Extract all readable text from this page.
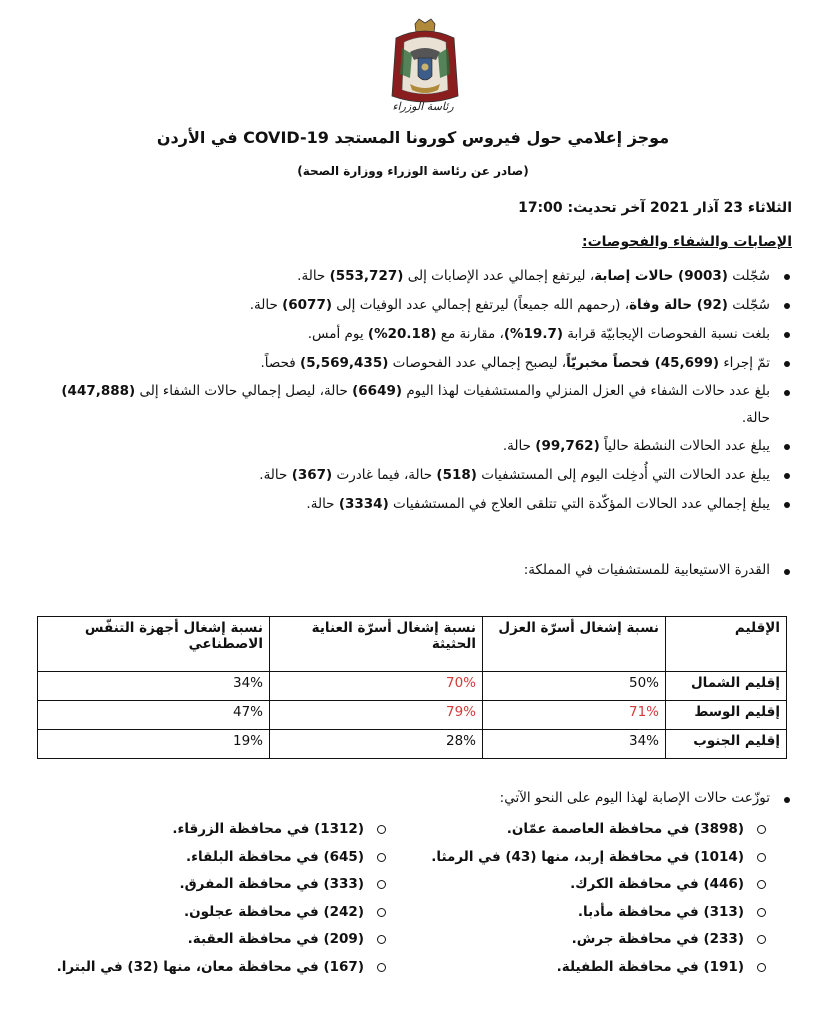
رئاسة الوزراء
موجز إعلامي حول فيروس كورونا المستجد COVID-19 في الأردن
(صادر عن رئاسة الوزراء ووزارة الصحة)
الثلاثاء 23 آذار 2021 آخر تحديث: 17:00
الإصابات والشفاء والفحوصات:
سُجّلت (9003) حالات إصابة، ليرتفع إجمالي عدد الإصابات إلى (553,727) حالة.
سُجّلت (92) حالة وفاة، (رحمهم الله جميعاً) ليرتفع إجمالي عدد الوفيات إلى (6077) حالة.
بلغت نسبة الفحوصات الإيجابيّة قرابة (19.7%)، مقارنة مع (20.18%) يوم أمس.
تمّ إجراء (45,699) فحصاً مخبريّاً، ليصبح إجمالي عدد الفحوصات (5,569,435) فحصاً.
بلغ عدد حالات الشفاء في العزل المنزلي والمستشفيات لهذا اليوم (6649) حالة، ليصل إجمالي حالات الشفاء إلى (447,888) حالة.
يبلغ عدد الحالات النشطة حالياً (99,762) حالة.
يبلغ عدد الحالات التي أُدخِلت اليوم إلى المستشفيات (518) حالة، فيما غادرت (367) حالة.
يبلغ إجمالي عدد الحالات المؤكّدة التي تتلقى العلاج في المستشفيات (3334) حالة.
القدرة الاستيعابية للمستشفيات في المملكة:
الإقليم	نسبة إشغال أسرّة العزل	نسبة إشغال أسرّة العناية الحثيثة	نسبة إشغال أجهزة التنفّس الاصطناعي
إقليم الشمال	50%	70%	34%
إقليم الوسط	71%	79%	47%
إقليم الجنوب	34%	28%	19%
توزّعت حالات الإصابة لهذا اليوم على النحو الآتي:
(3898) في محافظة العاصمة عمّان.
(1014) في محافظة إربد، منها (43) في الرمثا.
(446) في محافظة الكرك.
(313) في محافظة مأدبا.
(233) في محافظة جرش.
(191) في محافظة الطفيلة.
(1312) في محافظة الزرقاء.
(645) في محافظة البلقاء.
(333) في محافظة المفرق.
(242) في محافظة عجلون.
(209) في محافظة العقبة.
(167) في محافظة معان، منها (32) في البترا.
